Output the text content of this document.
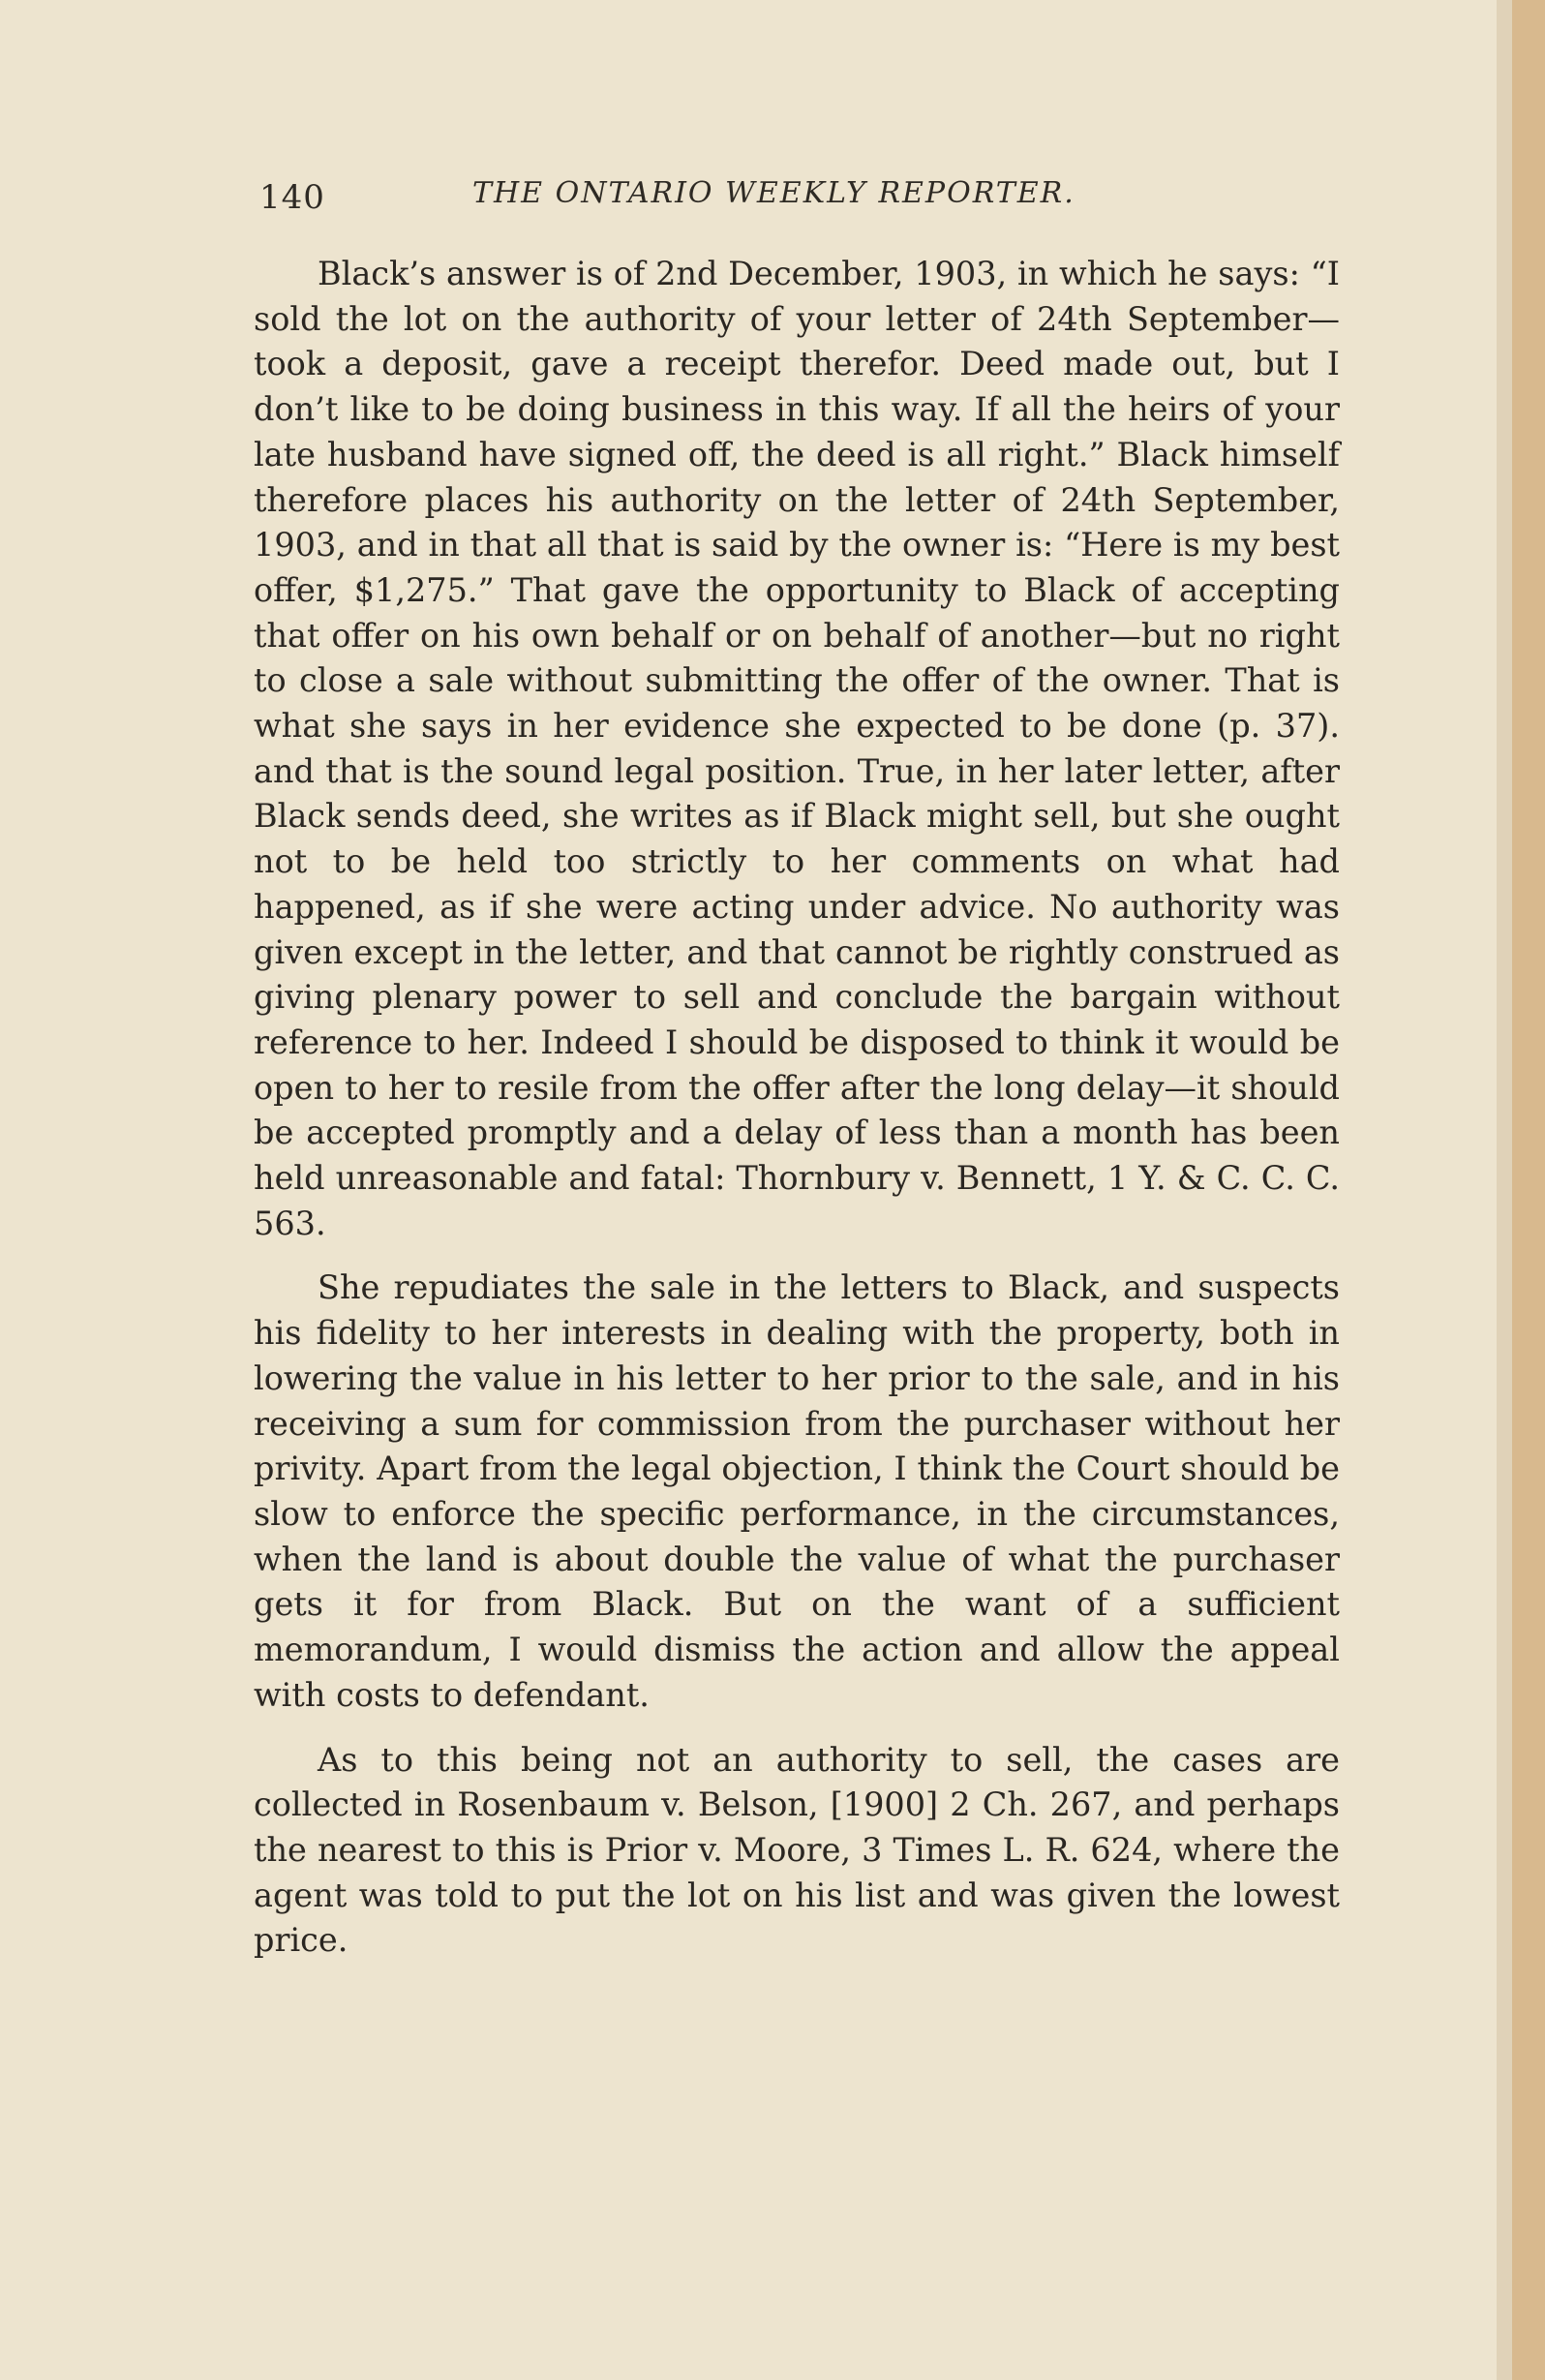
140	THE ONTARIO WEEKLY REPORTER.

Black’s answer is of 2nd December, 1903, in which he says: “I sold the lot on the authority of your letter of 24th September—took a deposit, gave a receipt therefor. Deed made out, but I don’t like to be doing business in this way. If all the heirs of your late husband have signed off, the deed is all right.” Black himself therefore places his authority on the letter of 24th September, 1903, and in that all that is said by the owner is: “Here is my best offer, $1,275.” That gave the opportunity to Black of accepting that offer on his own behalf or on behalf of another—but no right to close a sale without submitting the offer of the owner. That is what she says in her evidence she expected to be done (p. 37). and that is the sound legal position. True, in her later letter, after Black sends deed, she writes as if Black might sell, but she ought not to be held too strictly to her comments on what had happened, as if she were acting under advice. No authority was given except in the letter, and that cannot be rightly construed as giving plenary power to sell and conclude the bargain without reference to her. Indeed I should be disposed to think it would be open to her to resile from the offer after the long delay—it should be accepted promptly and a delay of less than a month has been held unreasonable and fatal: Thornbury v. Bennett, 1 Y. & C. C. C. 563.

She repudiates the sale in the letters to Black, and suspects his fidelity to her interests in dealing with the property, both in lowering the value in his letter to her prior to the sale, and in his receiving a sum for commission from the purchaser without her privity. Apart from the legal objection, I think the Court should be slow to enforce the specific performance, in the circumstances, when the land is about double the value of what the purchaser gets it for from Black. But on the want of a sufficient memorandum, I would dismiss the action and allow the appeal with costs to defendant.

As to this being not an authority to sell, the cases are collected in Rosenbaum v. Belson, [1900] 2 Ch. 267, and perhaps the nearest to this is Prior v. Moore, 3 Times L. R. 624, where the agent was told to put the lot on his list and was given the lowest price.
